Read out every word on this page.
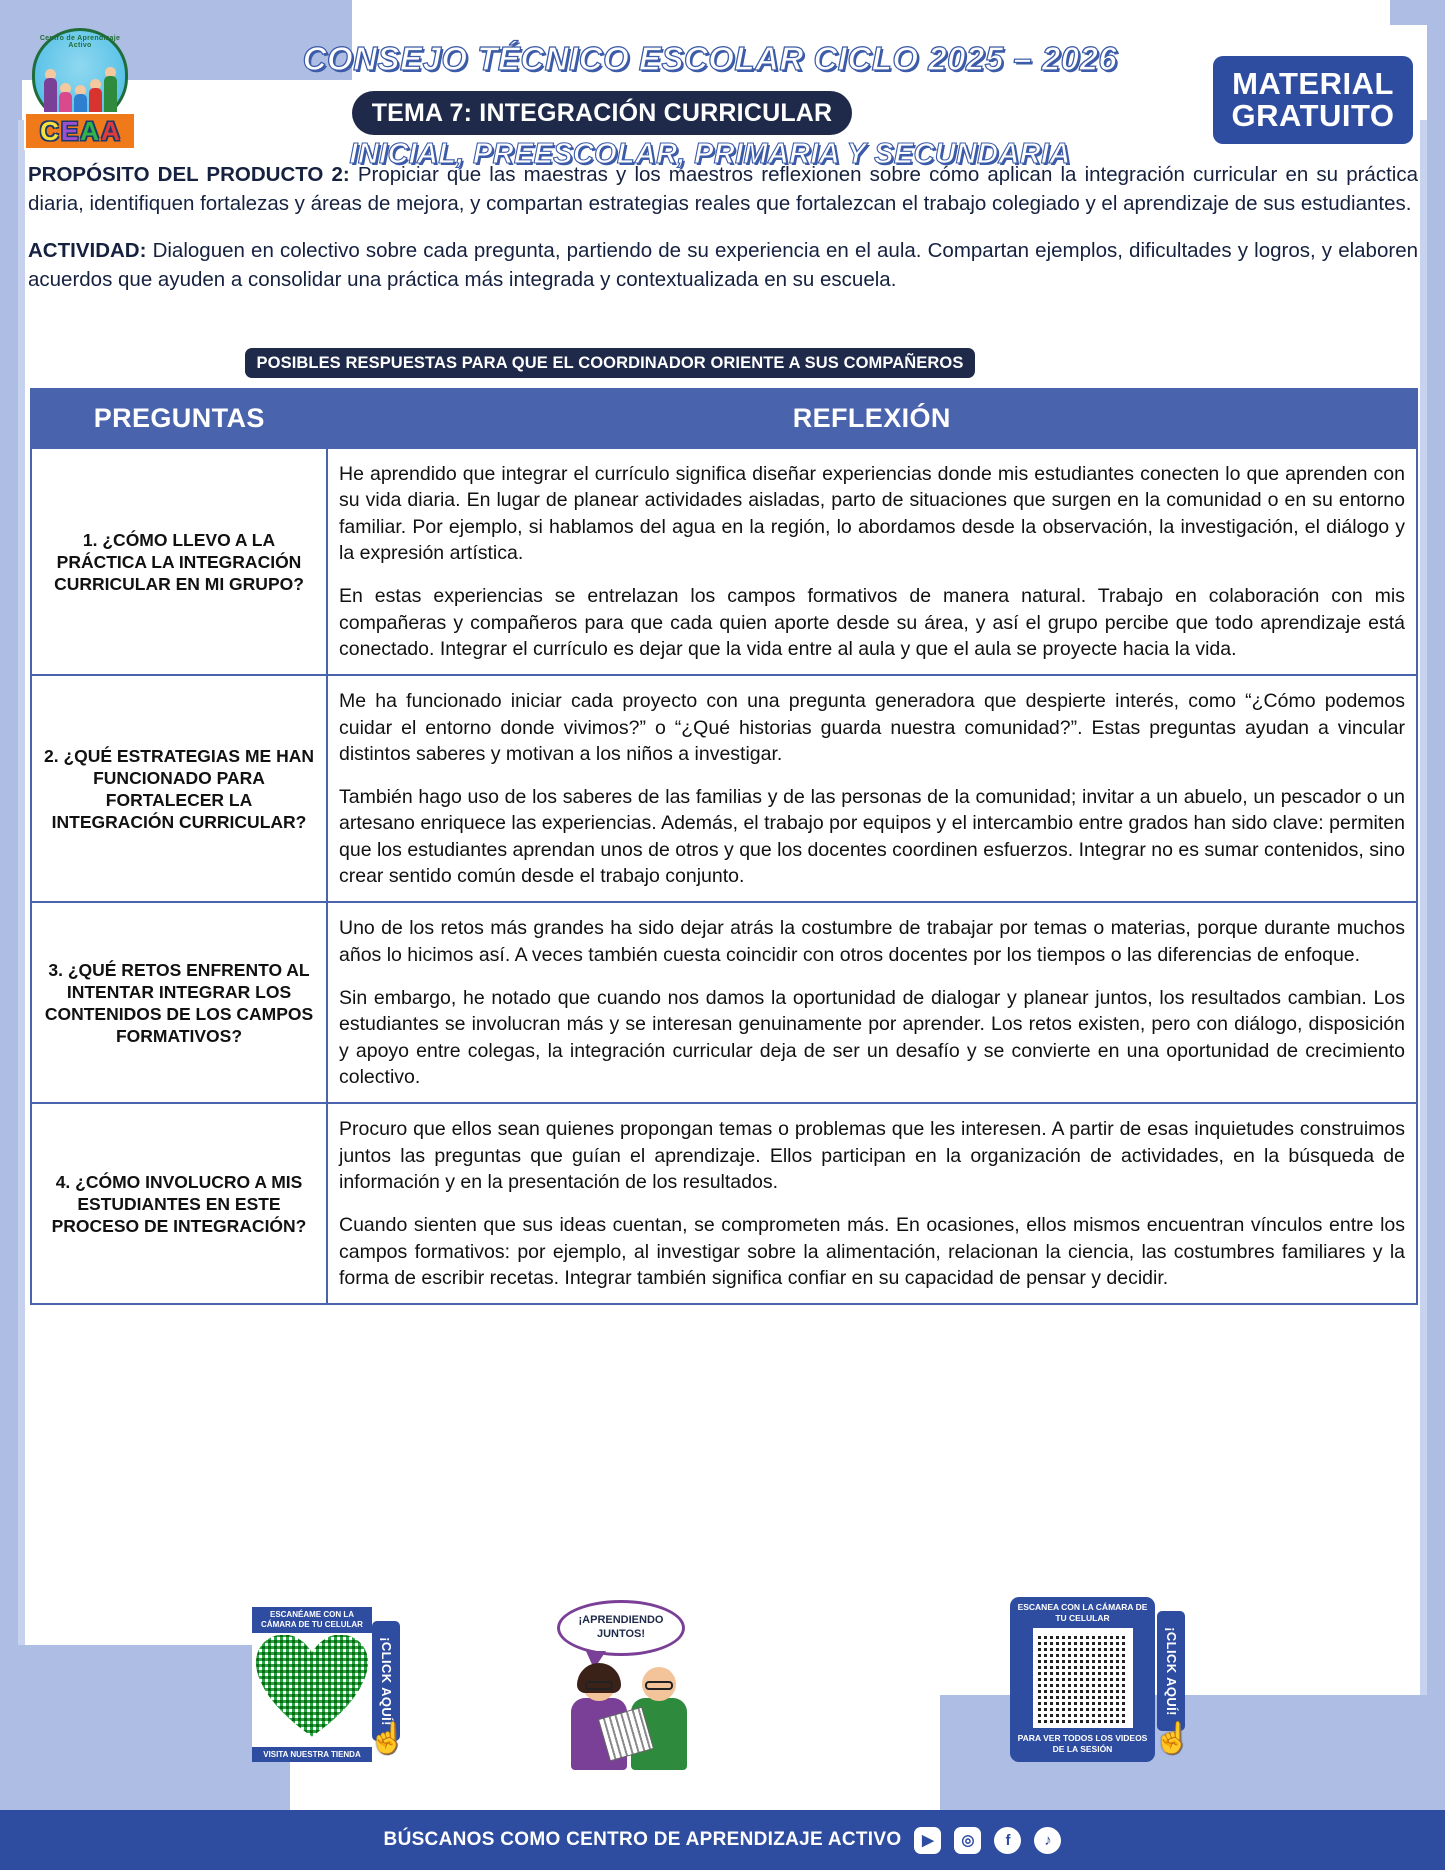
Centro de Aprendizaje Activo
C E A A
CONSEJO TÉCNICO ESCOLAR CICLO 2025 – 2026
TEMA 7: INTEGRACIÓN CURRICULAR
INICIAL, PREESCOLAR, PRIMARIA Y SECUNDARIA
MATERIAL
GRATUITO

PROPÓSITO DEL PRODUCTO 2: Propiciar que las maestras y los maestros reflexionen sobre cómo aplican la integración curricular en su práctica diaria, identifiquen fortalezas y áreas de mejora, y compartan estrategias reales que fortalezcan el trabajo colegiado y el aprendizaje de sus estudiantes.

ACTIVIDAD: Dialoguen en colectivo sobre cada pregunta, partiendo de su experiencia en el aula. Compartan ejemplos, dificultades y logros, y elaboren acuerdos que ayuden a consolidar una práctica más integrada y contextualizada en su escuela.

POSIBLES RESPUESTAS PARA QUE EL COORDINADOR ORIENTE A SUS COMPAÑEROS
PREGUNTAS	REFLEXIÓN
1. ¿CÓMO LLEVO A LA PRÁCTICA LA INTEGRACIÓN CURRICULAR EN MI GRUPO?	He aprendido que integrar el currículo significa diseñar experiencias donde mis estudiantes conecten lo que aprenden con su vida diaria. En lugar de planear actividades aisladas, parto de situaciones que surgen en la comunidad o en su entorno familiar. Por ejemplo, si hablamos del agua en la región, lo abordamos desde la observación, la investigación, el diálogo y la expresión artística.

En estas experiencias se entrelazan los campos formativos de manera natural. Trabajo en colaboración con mis compañeras y compañeros para que cada quien aporte desde su área, y así el grupo percibe que todo aprendizaje está conectado. Integrar el currículo es dejar que la vida entre al aula y que el aula se proyecte hacia la vida.

2. ¿QUÉ ESTRATEGIAS ME HAN FUNCIONADO PARA FORTALECER LA INTEGRACIÓN CURRICULAR?	Me ha funcionado iniciar cada proyecto con una pregunta generadora que despierte interés, como “¿Cómo podemos cuidar el entorno donde vivimos?” o “¿Qué historias guarda nuestra comunidad?”. Estas preguntas ayudan a vincular distintos saberes y motivan a los niños a investigar.

También hago uso de los saberes de las familias y de las personas de la comunidad; invitar a un abuelo, un pescador o un artesano enriquece las experiencias. Además, el trabajo por equipos y el intercambio entre grados han sido clave: permiten que los estudiantes aprendan unos de otros y que los docentes coordinen esfuerzos. Integrar no es sumar contenidos, sino crear sentido común desde el trabajo conjunto.

3. ¿QUÉ RETOS ENFRENTO AL INTENTAR INTEGRAR LOS CONTENIDOS DE LOS CAMPOS FORMATIVOS?	Uno de los retos más grandes ha sido dejar atrás la costumbre de trabajar por temas o materias, porque durante muchos años lo hicimos así. A veces también cuesta coincidir con otros docentes por los tiempos o las diferencias de enfoque.

Sin embargo, he notado que cuando nos damos la oportunidad de dialogar y planear juntos, los resultados cambian. Los estudiantes se involucran más y se interesan genuinamente por aprender. Los retos existen, pero con diálogo, disposición y apoyo entre colegas, la integración curricular deja de ser un desafío y se convierte en una oportunidad de crecimiento colectivo.

4. ¿CÓMO INVOLUCRO A MIS ESTUDIANTES EN ESTE PROCESO DE INTEGRACIÓN?	Procuro que ellos sean quienes propongan temas o problemas que les interesen. A partir de esas inquietudes construimos juntos las preguntas que guían el aprendizaje. Ellos participan en la organización de actividades, en la búsqueda de información y en la presentación de los resultados.

Cuando sienten que sus ideas cuentan, se comprometen más. En ocasiones, ellos mismos encuentran vínculos entre los campos formativos: por ejemplo, al investigar sobre la alimentación, relacionan la ciencia, las costumbres familiares y la forma de escribir recetas. Integrar también significa confiar en su capacidad de pensar y decidir.

ESCANÉAME CON LA CÁMARA DE TU CELULAR
VISITA NUESTRA TIENDA
¡CLICK AQUÍ!
☝
¡APRENDIENDO
JUNTOS!
ESCANEA CON LA CÁMARA DE TU CELULAR
PARA VER TODOS LOS VIDEOS DE LA SESIÓN
¡CLICK AQUÍ!
☝
BÚSCANOS COMO CENTRO DE APRENDIZAJE ACTIVO	▶	◎	f	♪
